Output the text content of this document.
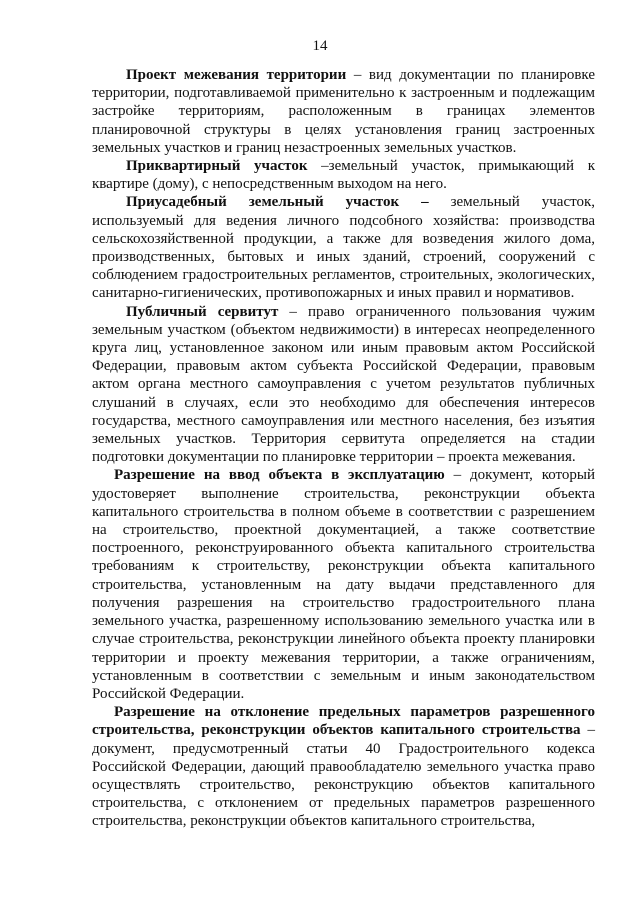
14

Проект межевания территории – вид документации по планировке территории, подготавливаемой применительно к застроенным и подлежащим застройке территориям, расположенным в границах элементов планировочной структуры в целях установления границ застроенных земельных участков и границ незастроенных земельных участков.

Приквартирный участок –земельный участок, примыкающий к квартире (дому), с непосредственным выходом на него.

Приусадебный земельный участок – земельный участок, используемый для ведения личного подсобного хозяйства: производства сельскохозяйственной продукции, а также для возведения жилого дома, производственных, бытовых и иных зданий, строений, сооружений с соблюдением градостроительных регламентов, строительных, экологических, санитарно-гигиенических, противопожарных и иных правил и нормативов.

Публичный сервитут – право ограниченного пользования чужим земельным участком (объектом недвижимости) в интересах неопределенного круга лиц, установленное законом или иным правовым актом Российской Федерации, правовым актом субъекта Российской Федерации, правовым актом органа местного самоуправления с учетом результатов публичных слушаний в случаях, если это необходимо для обеспечения интересов государства, местного самоуправления или местного населения, без изъятия земельных участков. Территория сервитута определяется на стадии подготовки документации по планировке территории – проекта межевания.

Разрешение на ввод объекта в эксплуатацию – документ, который удостоверяет выполнение строительства, реконструкции объекта капитального строительства в полном объеме в соответствии с разрешением на строительство, проектной документацией, а также соответствие построенного, реконструированного объекта капитального строительства требованиям к строительству, реконструкции объекта капитального строительства, установленным на дату выдачи представленного для получения разрешения на строительство градостроительного плана земельного участка, разрешенному использованию земельного участка или в случае строительства, реконструкции линейного объекта проекту планировки территории и проекту межевания территории, а также ограничениям, установленным в соответствии с земельным и иным законодательством Российской Федерации.

Разрешение на отклонение предельных параметров разрешенного строительства, реконструкции объектов капитального строительства – документ, предусмотренный статьи 40 Градостроительного кодекса Российской Федерации, дающий правообладателю земельного участка право осуществлять строительство, реконструкцию объектов капитального строительства, с отклонением от предельных параметров разрешенного строительства, реконструкции объектов капитального строительства,
